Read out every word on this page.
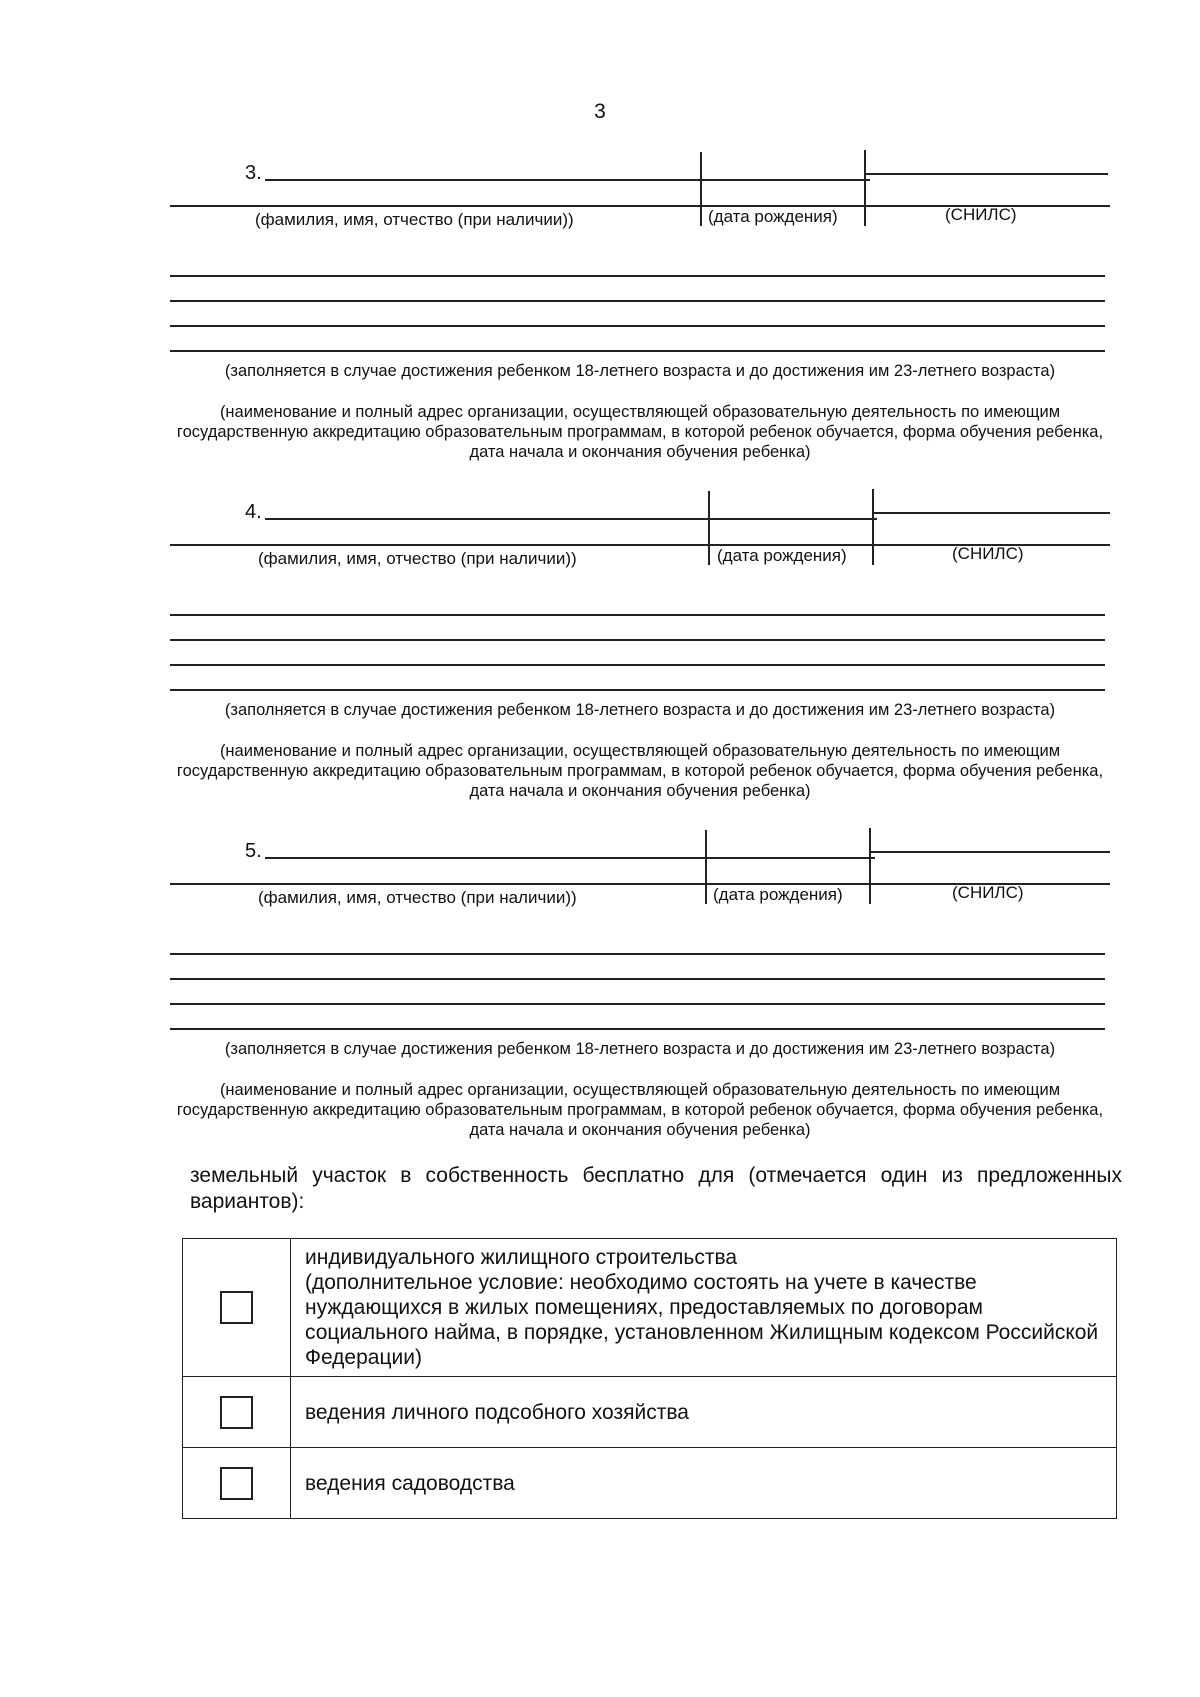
3
3.
(фамилия, имя, отчество (при наличии))	(дата рождения)	(СНИЛС)
(заполняется в случае достижения ребенком 18-летнего возраста и до достижения им 23-летнего возраста)
(наименование и полный адрес организации, осуществляющей образовательную деятельность по имеющим государственную аккредитацию образовательным программам, в которой ребенок обучается, форма обучения ребенка, дата начала и окончания обучения ребенка)
4.
(фамилия, имя, отчество (при наличии))	(дата рождения)	(СНИЛС)
(заполняется в случае достижения ребенком 18-летнего возраста и до достижения им 23-летнего возраста)
(наименование и полный адрес организации, осуществляющей образовательную деятельность по имеющим государственную аккредитацию образовательным программам, в которой ребенок обучается, форма обучения ребенка, дата начала и окончания обучения ребенка)
5.
(фамилия, имя, отчество (при наличии))	(дата рождения)	(СНИЛС)
(заполняется в случае достижения ребенком 18-летнего возраста и до достижения им 23-летнего возраста)
(наименование и полный адрес организации, осуществляющей образовательную деятельность по имеющим государственную аккредитацию образовательным программам, в которой ребенок обучается, форма обучения ребенка, дата начала и окончания обучения ребенка)
земельный участок в собственность бесплатно для (отмечается один из предложенных вариантов):

	индивидуального жилищного строительства
(дополнительное условие: необходимо состоять на учете в качестве нуждающихся в жилых помещениях, предоставляемых по договорам социального найма, в порядке, установленном Жилищным кодексом Российской Федерации)

	ведения личного подсобного хозяйства

	ведения садоводства
